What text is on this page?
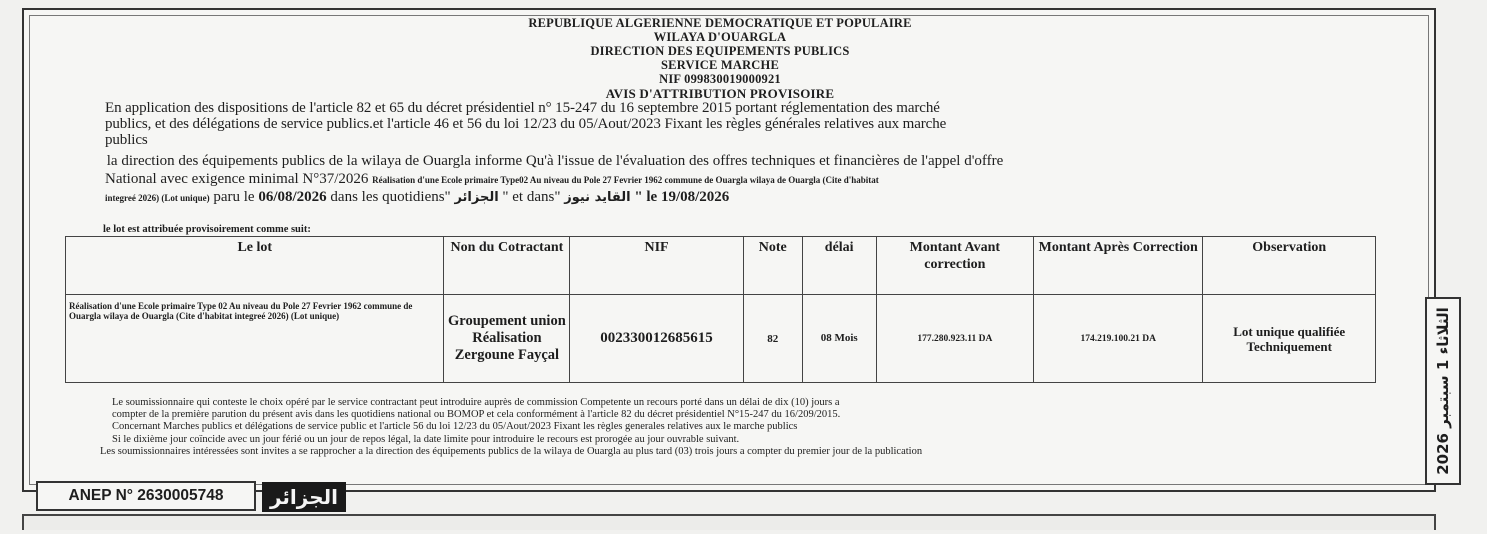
REPUBLIQUE ALGERIENNE DEMOCRATIQUE ET POPULAIRE
WILAYA D'OUARGLA
DIRECTION DES EQUIPEMENTS PUBLICS
SERVICE MARCHE
NIF 099830019000921
AVIS D'ATTRIBUTION PROVISOIRE
En application des dispositions de l'article 82 et 65 du décret présidentiel n° 15-247 du 16 septembre 2015 portant réglementation des marché
publics, et des délégations de service publics.et l'article 46 et 56 du loi 12/23 du 05/Aout/2023 Fixant les règles générales relatives aux marche
publics
la direction des équipements publics de la wilaya de Ouargla informe Qu'à l'issue de l'évaluation des offres techniques et financières de l'appel d'offre
National avec exigence minimal N°37/2026 Réalisation d'une Ecole primaire Type02 Au niveau du Pole 27 Fevrier 1962 commune de Ouargla wilaya de Ouargla (Cite d'habitat
integreé 2026) (Lot unique) paru le 06/08/2026 dans les quotidiens" الجزائر " et dans" القايد نيوز " le 19/08/2026
le lot est attribuée provisoirement comme suit:
Le lot	Non du Cotractant	NIF	Note	délai	Montant Avant correction	Montant Après Correction	Observation
Réalisation d'une Ecole primaire Type 02 Au niveau du Pole 27 Fevrier 1962 commune de Ouargla wilaya de Ouargla (Cite d'habitat integreé 2026) (Lot unique)	Groupement union Réalisation Zergoune Fayçal	002330012685615	82	08 Mois	177.280.923.11 DA	174.219.100.21 DA	Lot unique qualifiée Techniquement
Le soumissionnaire qui conteste le choix opéré par le service contractant peut introduire auprès de commission Competente un recours porté dans un délai de dix (10) jours a
compter de la première parution du présent avis dans les quotidiens national ou BOMOP et cela conformément à l'article 82 du décret présidentiel N°15-247 du 16/209/2015.
Concernant Marches publics et délégations de service public et l'article 56 du loi 12/23 du 05/Aout/2023 Fixant les règles generales relatives aux le marche publics
Si le dixième jour coïncide avec un jour férié ou un jour de repos légal, la date limite pour introduire le recours est prorogée au jour ouvrable suivant.
Les soumissionnaires intéressées sont invites a se rapprocher a la direction des équipements publics de la wilaya de Ouargla au plus tard (03) trois jours a compter du premier jour de la publication
ANEP N° 2630005748	الجزائر
الثلاثاء 1 سبتمبر 2026
